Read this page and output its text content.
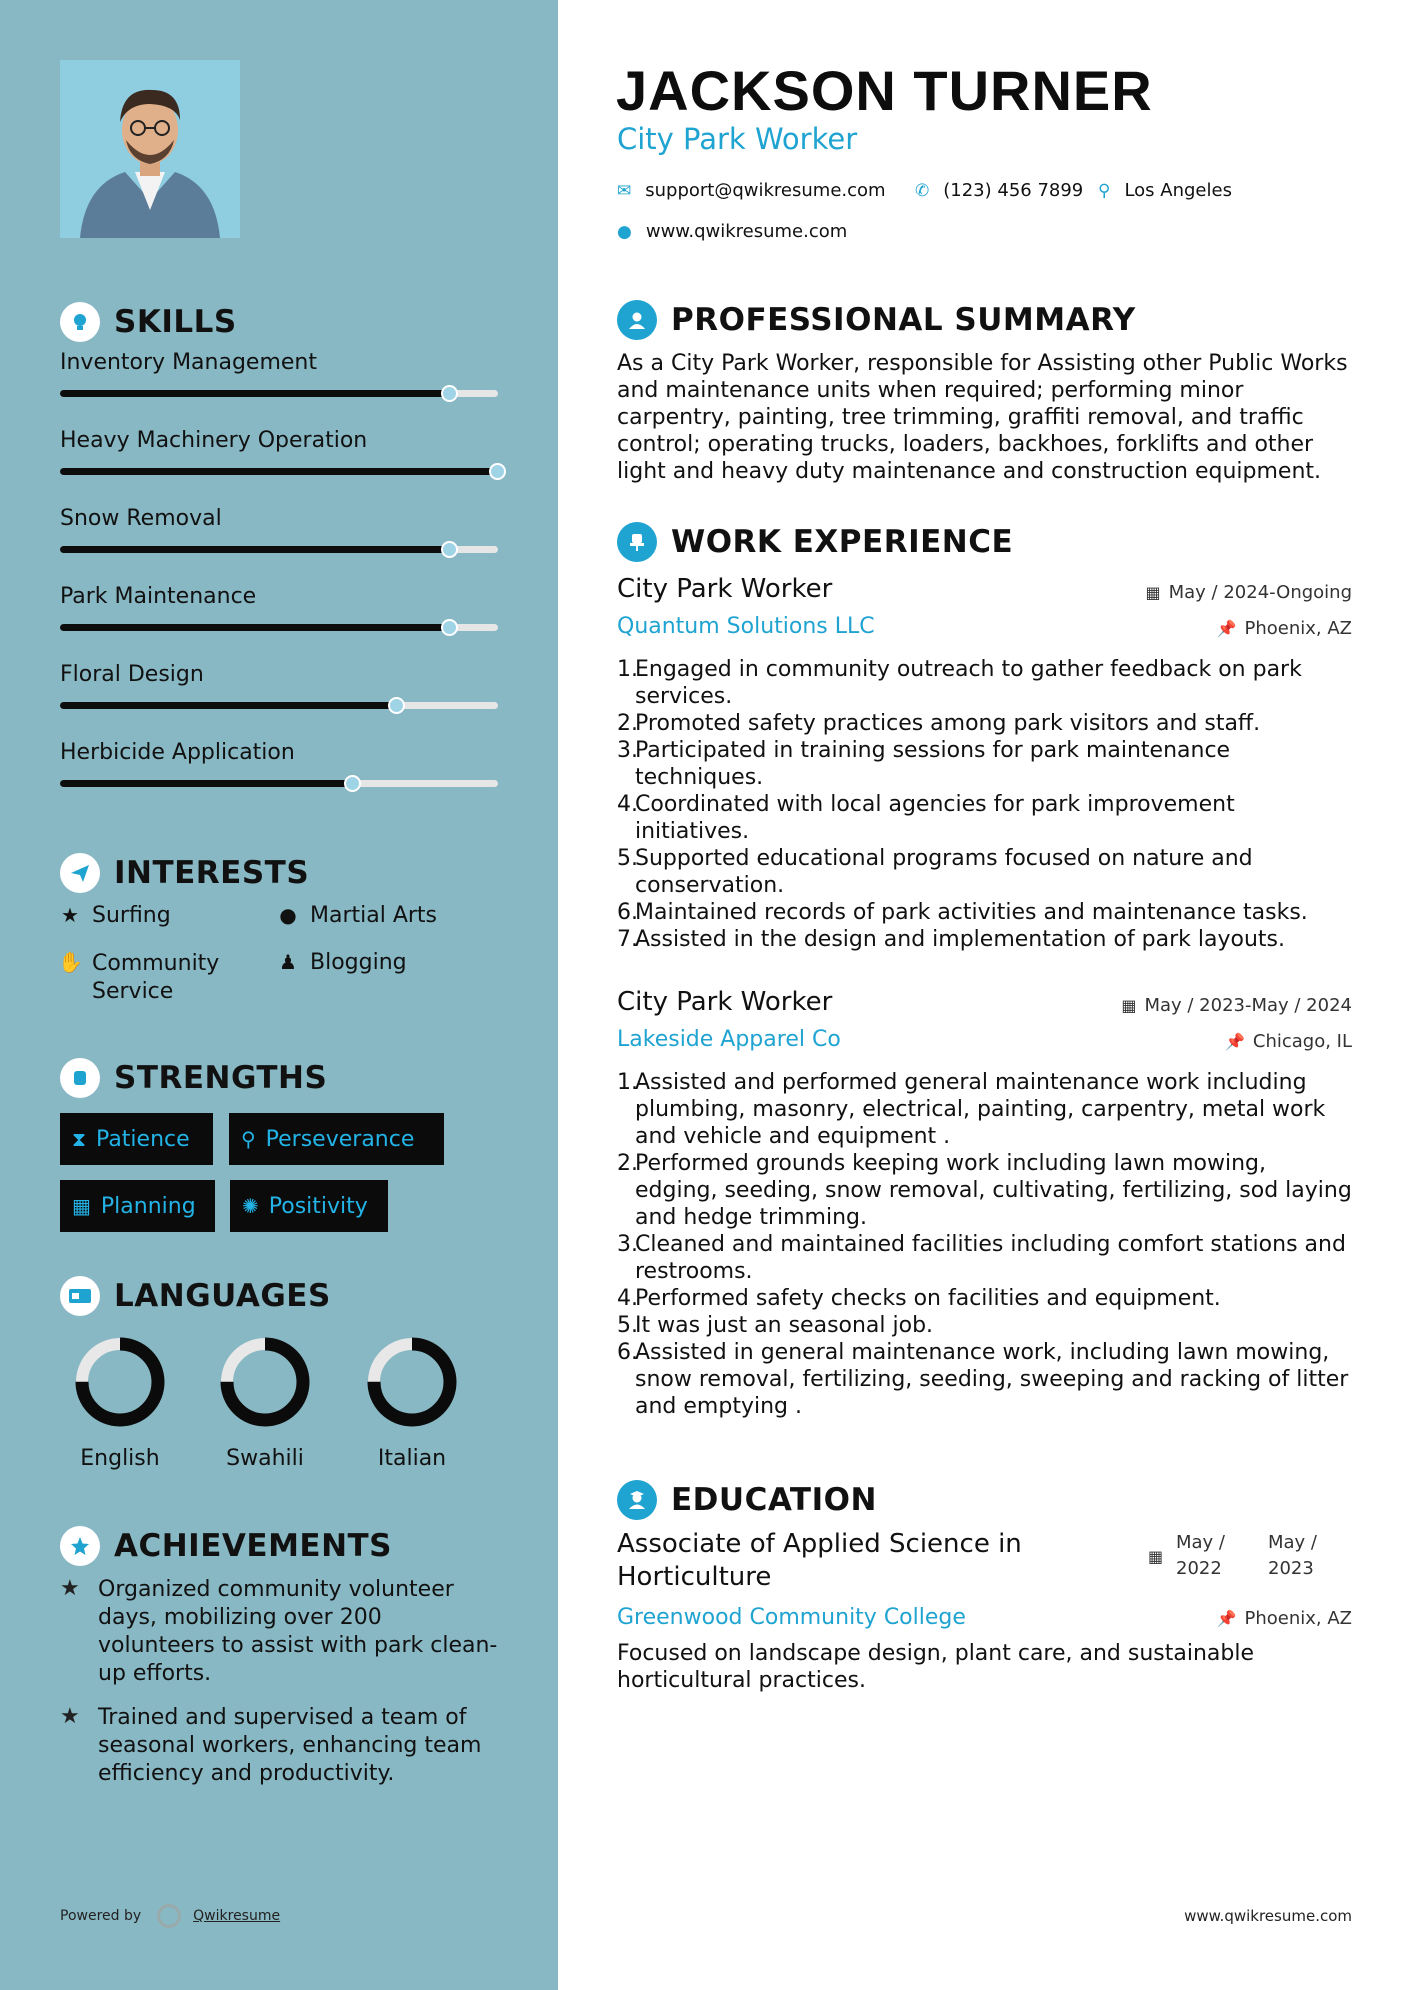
SKILLS
Inventory Management
Heavy Machinery Operation
Snow Removal
Park Maintenance
Floral Design
Herbicide Application
INTERESTS
★ Surfing	● Martial Arts
✋ Community Service
♟ Blogging
STRENGTHS
⧗ Patience	⚲ Perseverance
▦ Planning ✺ Positivity
LANGUAGES
English	Swahili	Italian
ACHIEVEMENTS
★ Organized community volunteer days, mobilizing over 200 volunteers to assist with park clean-up efforts.
★ Trained and supervised a team of seasonal workers, enhancing team efficiency and productivity.
Powered by	Qwikresume
JACKSON TURNER
City Park Worker
✉ support@qwikresume.com ✆ (123) 456 7899 ⚲ Los Angeles
● www.qwikresume.com
PROFESSIONAL SUMMARY
As a City Park Worker, responsible for Assisting other Public Works and maintenance units when required; performing minor carpentry, painting, tree trimming, graffiti removal, and traffic control; operating trucks, loaders, backhoes, forklifts and other light and heavy duty maintenance and construction equipment.
WORK EXPERIENCE
City Park Worker	▦ May / 2024-Ongoing
Quantum Solutions LLC	📌 Phoenix, AZ
1.
Engaged in community outreach to gather feedback on park services.
2.
Promoted safety practices among park visitors and staff.
3.
Participated in training sessions for park maintenance techniques.
4.
Coordinated with local agencies for park improvement initiatives.
5.
Supported educational programs focused on nature and conservation.
6.
Maintained records of park activities and maintenance tasks.
7.
Assisted in the design and implementation of park layouts.
City Park Worker	▦ May / 2023-May / 2024
Lakeside Apparel Co	📌 Chicago, IL
1.
Assisted and performed general maintenance work including plumbing, masonry, electrical, painting, carpentry, metal work and vehicle and equipment .
2.
Performed grounds keeping work including lawn mowing, edging, seeding, snow removal, cultivating, fertilizing, sod laying and hedge trimming.
3.
Cleaned and maintained facilities including comfort stations and restrooms.
4.
Performed safety checks on facilities and equipment.
5.
It was just an seasonal job.
6.
Assisted in general maintenance work, including lawn mowing, snow removal, fertilizing, seeding, sweeping and racking of litter and emptying .
EDUCATION
Associate of Applied Science in Horticulture
▦
May /
2022
May /
2023
Greenwood Community College	📌 Phoenix, AZ
Focused on landscape design, plant care, and sustainable horticultural practices.
www.qwikresume.com
